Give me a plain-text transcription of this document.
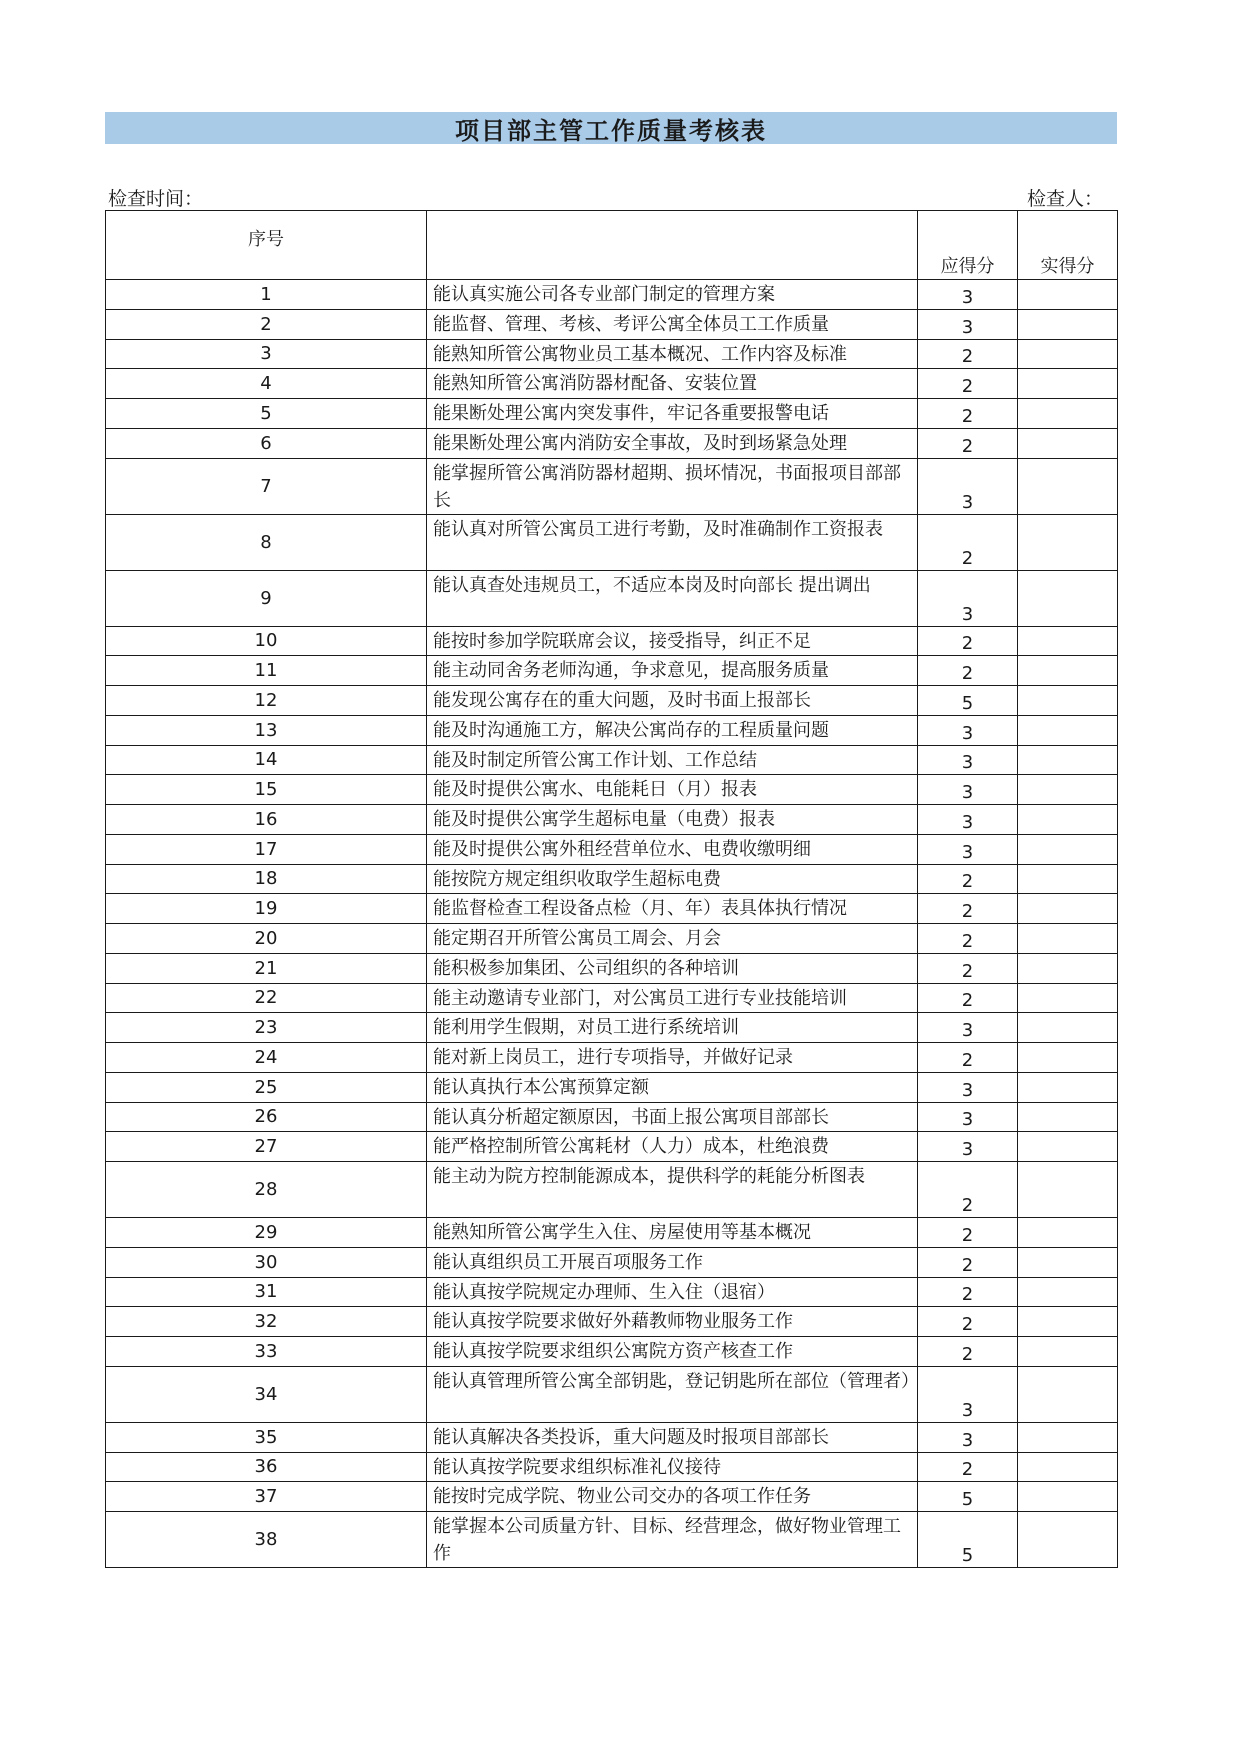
项目部主管工作质量考核表
检查时间：	检查人：
序号		应得分	实得分
1	能认真实施公司各专业部门制定的管理方案	3	
2	能监督、管理、考核、考评公寓全体员工工作质量	3	
3	能熟知所管公寓物业员工基本概况、工作内容及标准	2	
4	能熟知所管公寓消防器材配备、安装位置	2	
5	能果断处理公寓内突发事件，牢记各重要报警电话	2	
6	能果断处理公寓内消防安全事故，及时到场紧急处理	2	
7	能掌握所管公寓消防器材超期、损坏情况，书面报项目部部长	3	
8	能认真对所管公寓员工进行考勤，及时准确制作工资报表	2	
9	能认真查处违规员工，不适应本岗及时向部长 提出调出	3	
10	能按时参加学院联席会议，接受指导，纠正不足	2	
11	能主动同舍务老师沟通，争求意见，提高服务质量	2	
12	能发现公寓存在的重大问题，及时书面上报部长	5	
13	能及时沟通施工方，解决公寓尚存的工程质量问题	3	
14	能及时制定所管公寓工作计划、工作总结	3	
15	能及时提供公寓水、电能耗日（月）报表	3	
16	能及时提供公寓学生超标电量（电费）报表	3	
17	能及时提供公寓外租经营单位水、电费收缴明细	3	
18	能按院方规定组织收取学生超标电费	2	
19	能监督检查工程设备点检（月、年）表具体执行情况	2	
20	能定期召开所管公寓员工周会、月会	2	
21	能积极参加集团、公司组织的各种培训	2	
22	能主动邀请专业部门，对公寓员工进行专业技能培训	2	
23	能利用学生假期，对员工进行系统培训	3	
24	能对新上岗员工，进行专项指导，并做好记录	2	
25	能认真执行本公寓预算定额	3	
26	能认真分析超定额原因，书面上报公寓项目部部长	3	
27	能严格控制所管公寓耗材（人力）成本，杜绝浪费	3	
28	能主动为院方控制能源成本，提供科学的耗能分析图表	2	
29	能熟知所管公寓学生入住、房屋使用等基本概况	2	
30	能认真组织员工开展百项服务工作	2	
31	能认真按学院规定办理师、生入住（退宿）	2	
32	能认真按学院要求做好外藉教师物业服务工作	2	
33	能认真按学院要求组织公寓院方资产核查工作	2	
34	能认真管理所管公寓全部钥匙，登记钥匙所在部位（管理者）	3	
35	能认真解决各类投诉，重大问题及时报项目部部长	3	
36	能认真按学院要求组织标准礼仪接待	2	
37	能按时完成学院、物业公司交办的各项工作任务	5	
38	能掌握本公司质量方针、目标、经营理念，做好物业管理工作	5	
